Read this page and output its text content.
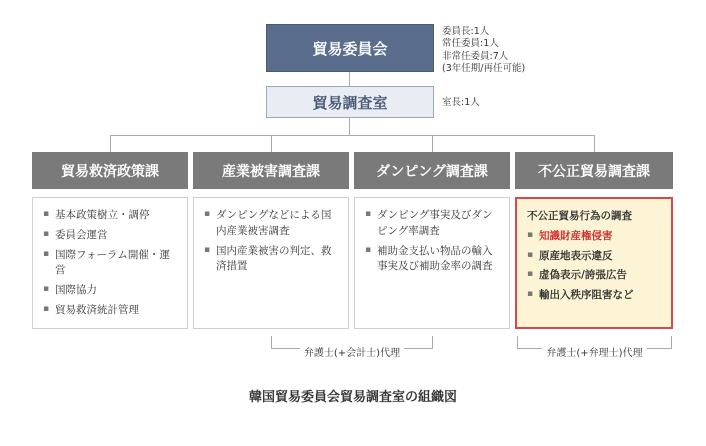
貿易委員会
委員長:1人
常任委員:1人
非常任委員:7人
(3年任期/再任可能)
貿易調査室	室長:1人
貿易救済政策課	産業被害調査課	ダンピング調査課	不公正貿易調査課
▪ 基本政策樹立・調停
▪ 委員会運営
▪ 国際フォーラム開催・運営
▪ 国際協力
▪ 貿易救済統計管理
▪ ダンピングなどによる国内産業被害調査
▪ 国内産業被害の判定、救済措置
▪ ダンピング事実及びダンピング率調査
▪ 補助金支払い物品の輸入事実及び補助金率の調査
不公正貿易行為の調査
▪ 知識財産権侵害
▪ 原産地表示違反
▪ 虚偽表示/誇張広告
▪ 輸出入秩序阻害など
弁護士(+会計士)代理	弁護士(+弁理士)代理
韓国貿易委員会貿易調査室の組織図
